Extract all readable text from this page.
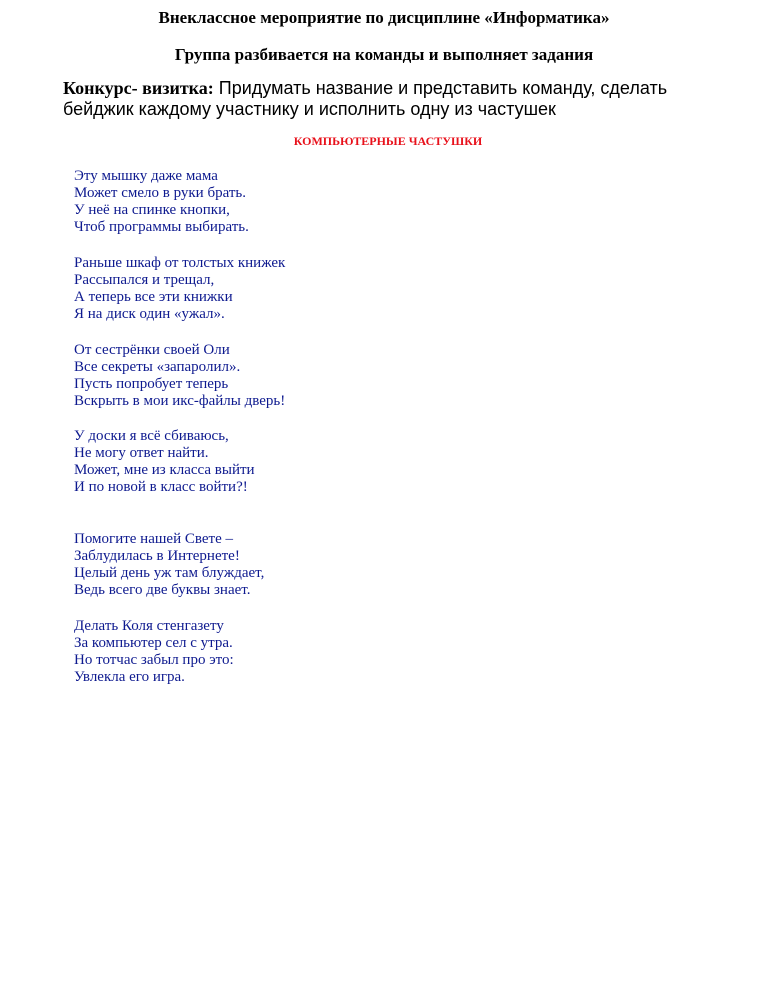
Внеклассное мероприятие по дисциплине «Информатика»
Группа разбивается на команды и выполняет задания

Конкурс- визитка: Придумать название и представить команду, сделать бейджик каждому участнику и исполнить одну из частушек

КОМПЬЮТЕРНЫЕ ЧАСТУШКИ
Эту мышку даже мама
Может смело в руки брать.
У неё на спинке кнопки,
Чтоб программы выбирать.
Раньше шкаф от толстых книжек
Рассыпался и трещал,
А теперь все эти книжки
Я на диск один «ужал».
От сестрёнки своей Оли
Все секреты «запаролил».
Пусть попробует теперь
Вскрыть в мои икс-файлы дверь!
У доски я всё сбиваюсь,
Не могу ответ найти.
Может, мне из класса выйти
И по новой в класс войти?!
Помогите нашей Свете –
Заблудилась в Интернете!
Целый день уж там блуждает,
Ведь всего две буквы знает.
Делать Коля стенгазету
За компьютер сел с утра.
Но тотчас забыл про это:
Увлекла его игра.
